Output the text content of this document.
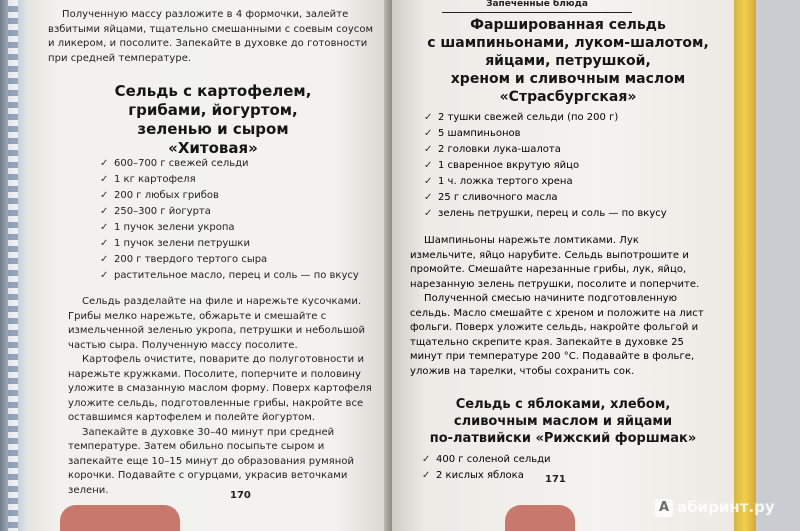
Полученную массу разложите в 4 формочки, залейте взбитыми яйцами, тщательно смешанными с соевым соусом и ликером, и посолите. Запекайте в духовке до готовности при средней температуре.

Сельдь с картофелем,
грибами, йогуртом,
зеленью и сыром
«Хитовая»
✓ 600–700 г свежей сельди
✓ 1 кг картофеля
✓ 200 г любых грибов
✓ 250–300 г йогурта
✓ 1 пучок зелени укропа
✓ 1 пучок зелени петрушки
✓ 200 г твердого тертого сыра
✓ растительное масло, перец и соль — по вкусу

Сельдь разделайте на филе и нарежьте кусочками. Грибы мелко нарежьте, обжарьте и смешайте с измельченной зеленью укропа, петрушки и небольшой частью сыра. Полученную массу посолите.

Картофель очистите, поварите до полуготовности и нарежьте кружками. Посолите, поперчите и половину уложите в смазанную маслом форму. Поверх картофеля уложите сельдь, подготовленные грибы, накройте все оставшимся картофелем и полейте йогуртом.

Запекайте в духовке 30–40 минут при средней температуре. Затем обильно посыпьте сыром и запекайте еще 10–15 минут до образования румяной корочки. Подавайте с огурцами, украсив веточками зелени.	170
Запеченные блюда
Фаршированная сельдь
с шампиньонами, луком-шалотом,
яйцами, петрушкой,
хреном и сливочным маслом
«Страсбургская»
✓ 2 тушки свежей сельди (по 200 г)
✓ 5 шампиньонов
✓ 2 головки лука-шалота
✓ 1 сваренное вкрутую яйцо
✓ 1 ч. ложка тертого хрена
✓ 25 г сливочного масла
✓ зелень петрушки, перец и соль — по вкусу

Шампиньоны нарежьте ломтиками. Лук измельчите, яйцо нарубите. Сельдь выпотрошите и промойте. Смешайте нарезанные грибы, лук, яйцо, нарезанную зелень петрушки, посолите и поперчите.

Полученной смесью начините подготовленную сельдь. Масло смешайте с хреном и положите на лист фольги. Поверх уложите сельдь, накройте фольгой и тщательно скрепите края. Запекайте в духовке 25 минут при температуре 200 °С. Подавайте в фольге, уложив на тарелки, чтобы сохранить сок.

Сельдь с яблоками, хлебом,
сливочным маслом и яйцами
по-латвийски «Рижский форшмак»
✓ 400 г соленой сельди
✓ 2 кислых яблока	171
А абиринт.ру
